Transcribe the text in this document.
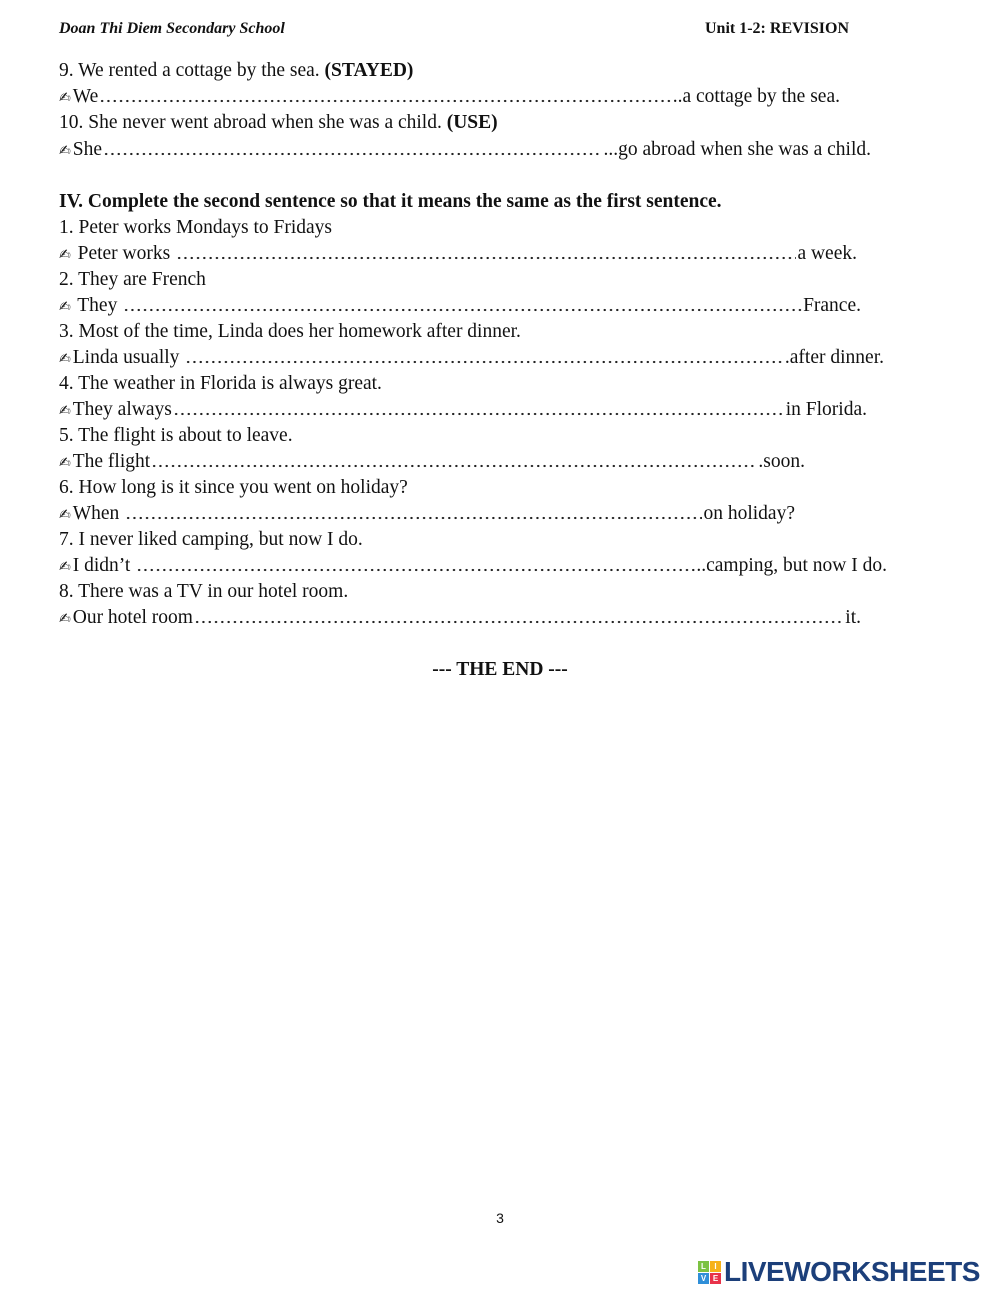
Doan Thi Diem Secondary School	Unit 1-2: REVISION
9. We rented a cottage by the sea. (STAYED)
✍ We	..a cottage by the sea.
10. She never went abroad when she was a child. (USE)
✍ She	...go abroad when she was a child.
IV. Complete the second sentence so that it means the same as the first sentence.
1. Peter works Mondays to Fridays
✍ Peter works	a week.
2. They are French
✍ They	France.
3. Most of the time, Linda does her homework after dinner.
✍ Linda usually	.after dinner.
4. The weather in Florida is always great.
✍ They always	in Florida.
5. The flight is about to leave.
✍ The flight	.soon.
6. How long is it since you went on holiday?
✍ When	on holiday?
7. I never liked camping, but now I do.
✍ I didn’t	..camping, but now I do.
8. There was a TV in our hotel room.
✍ Our hotel room	it.
--- THE END ---
3
L	I
V E LIVEWORKSHEETS
